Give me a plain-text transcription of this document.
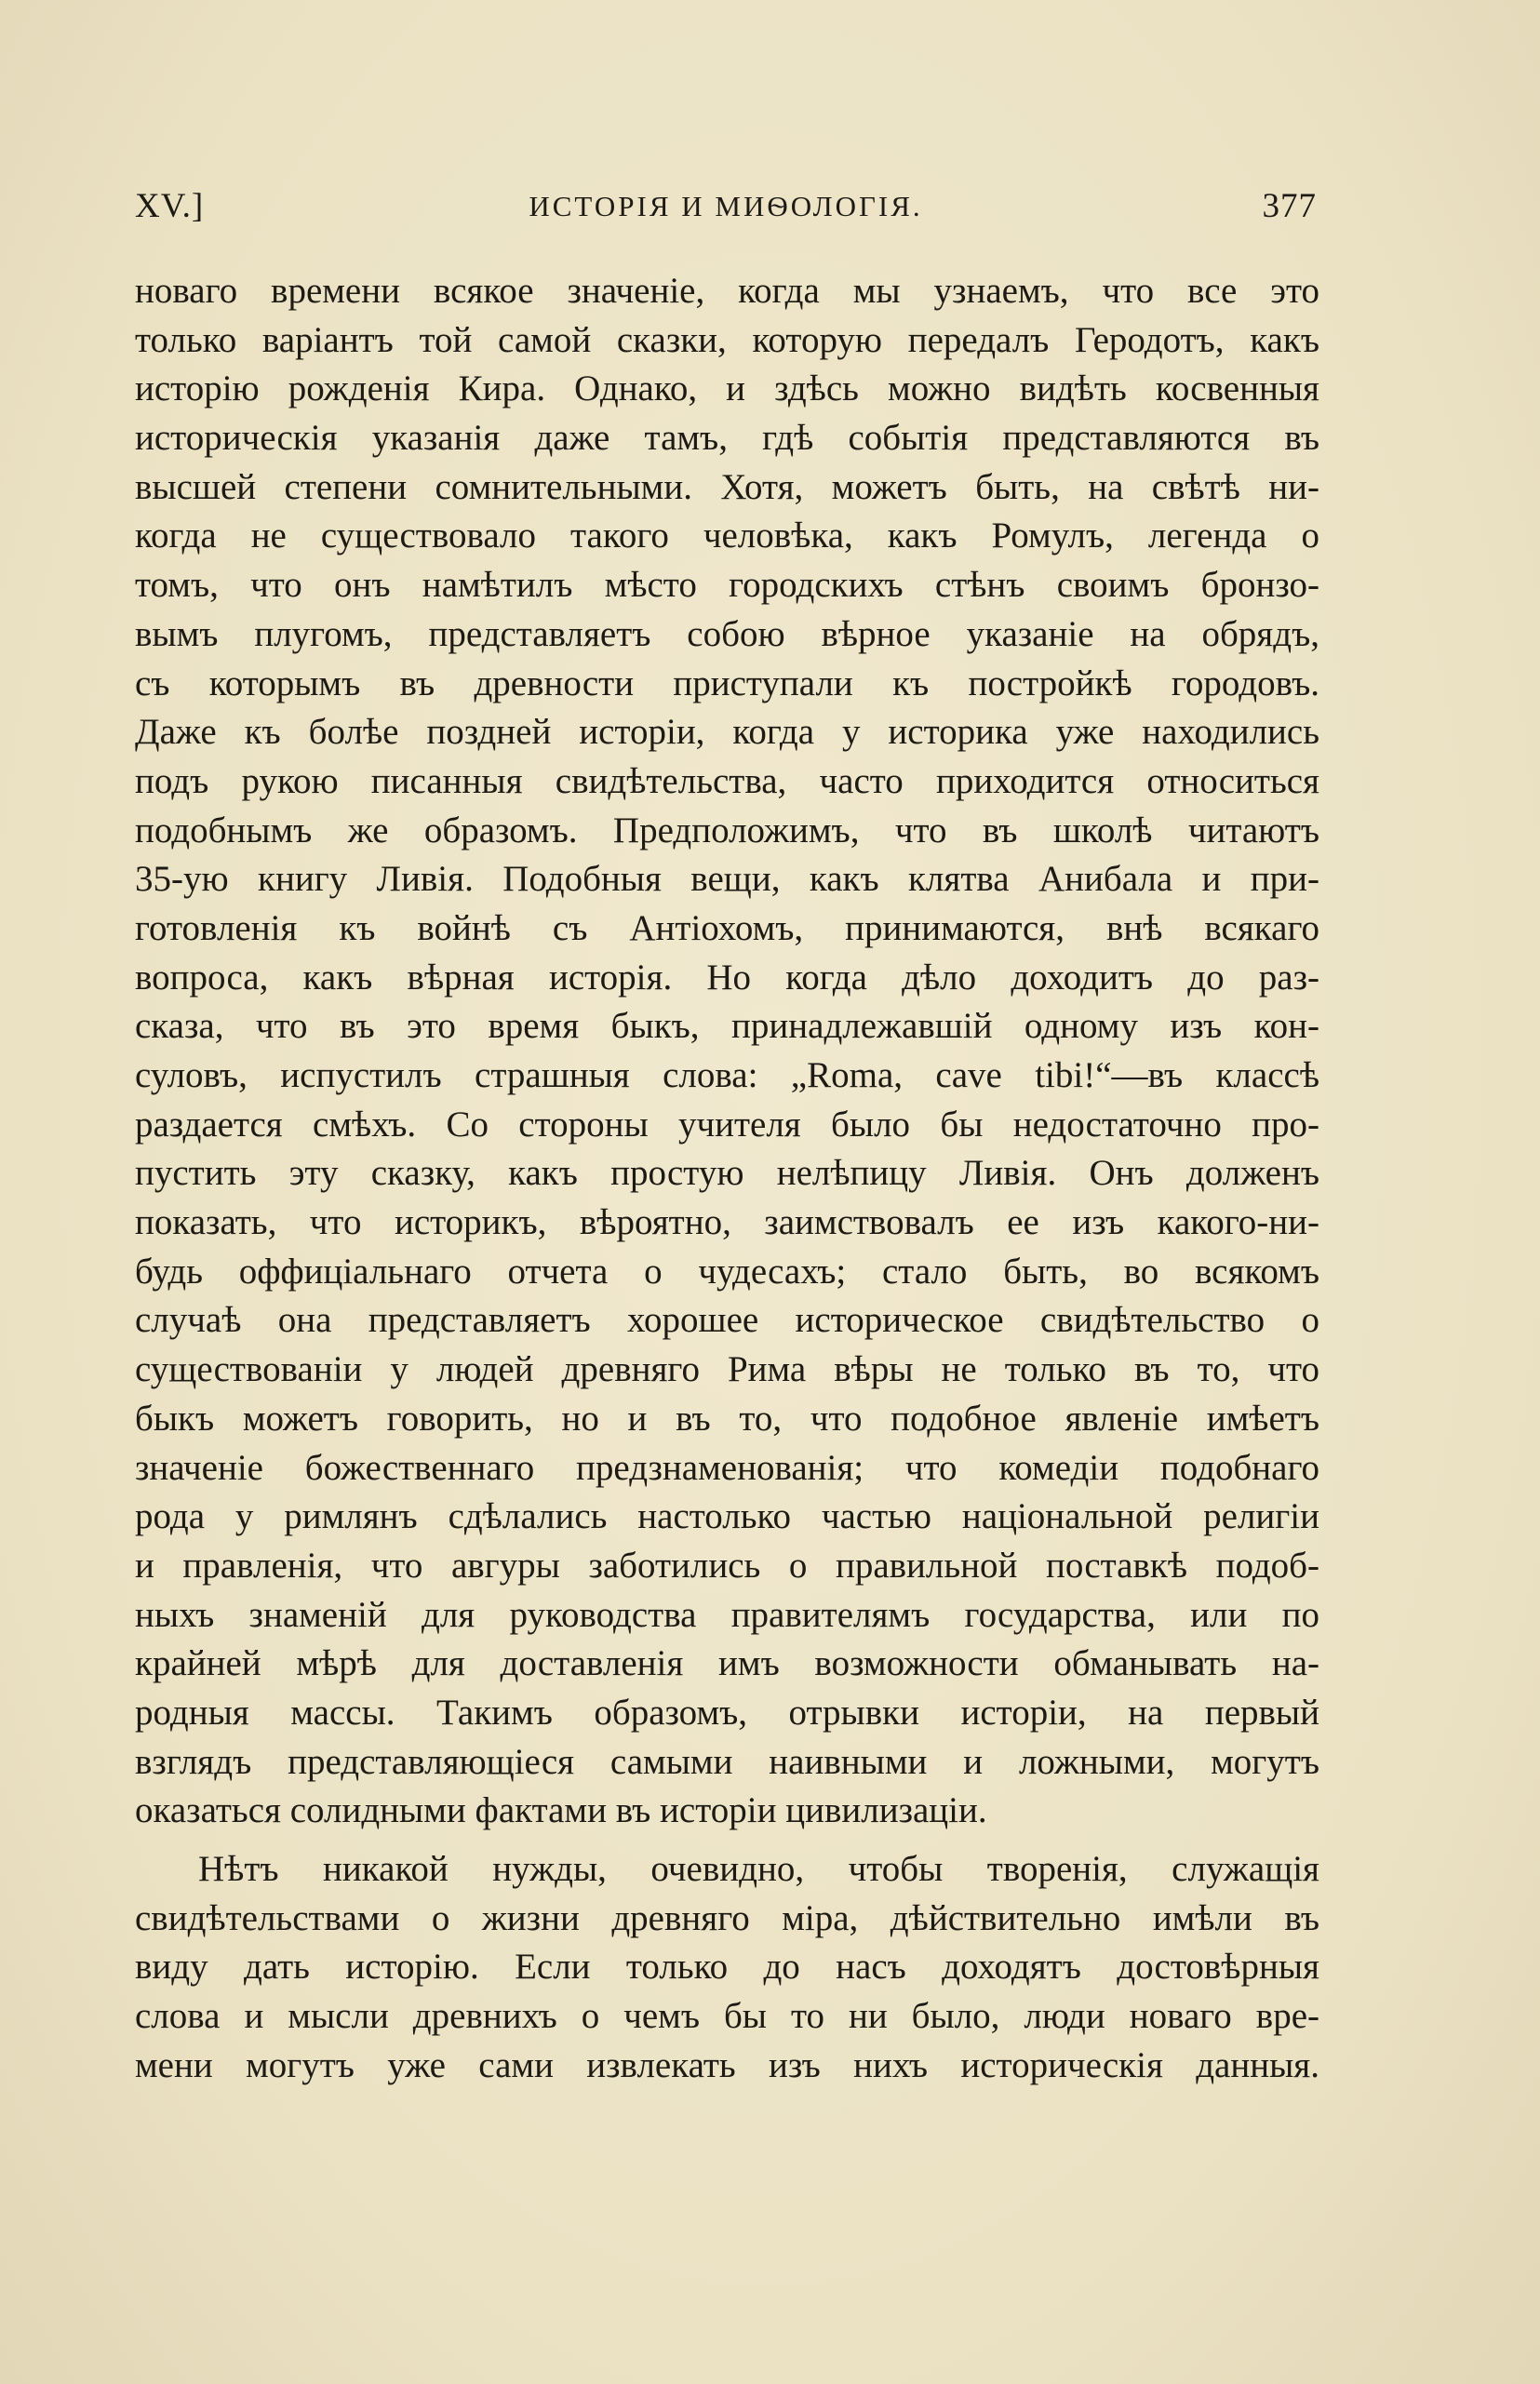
XV.]	ИСТОРІЯ И МИѲОЛОГІЯ.	377
новаго времени всякое значеніе, когда мы узнаемъ, что все это
только варіантъ той самой сказки, которую передалъ Геродотъ, какъ
исторію рожденія Кира. Однако, и здѣсь можно видѣть косвенныя
историческія указанія даже тамъ, гдѣ событія представляются въ
высшей степени сомнительными. Хотя, можетъ быть, на свѣтѣ ни-
когда не существовало такого человѣка, какъ Ромулъ, легенда о
томъ, что онъ намѣтилъ мѣсто городскихъ стѣнъ своимъ бронзо-
вымъ плугомъ, представляетъ собою вѣрное указаніе на обрядъ,
съ которымъ въ древности приступали къ постройкѣ городовъ.
Даже къ болѣе поздней исторіи, когда у историка уже находились
подъ рукою писанныя свидѣтельства, часто приходится относиться
подобнымъ же образомъ. Предположимъ, что въ школѣ читаютъ
35-ую книгу Ливія. Подобныя вещи, какъ клятва Анибала и при-
готовленія къ войнѣ съ Антіохомъ, принимаются, внѣ всякаго
вопроса, какъ вѣрная исторія. Но когда дѣло доходитъ до раз-
сказа, что въ это время быкъ, принадлежавшій одному изъ кон-
суловъ, испустилъ страшныя слова: „Roma, cave tibi!“—въ классѣ
раздается смѣхъ. Со стороны учителя было бы недостаточно про-
пустить эту сказку, какъ простую нелѣпицу Ливія. Онъ долженъ
показать, что историкъ, вѣроятно, заимствовалъ ее изъ какого-ни-
будь оффиціальнаго отчета о чудесахъ; стало быть, во всякомъ
случаѣ она представляетъ хорошее историческое свидѣтельство о
существованіи у людей древняго Рима вѣры не только въ то, что
быкъ можетъ говорить, но и въ то, что подобное явленіе имѣетъ
значеніе божественнаго предзнаменованія; что комедіи подобнаго
рода у римлянъ сдѣлались настолько частью національной религіи
и правленія, что авгуры заботились о правильной поставкѣ подоб-
ныхъ знаменій для руководства правителямъ государства, или по
крайней мѣрѣ для доставленія имъ возможности обманывать на-
родныя массы. Такимъ образомъ, отрывки исторіи, на первый
взглядъ представляющіеся самыми наивными и ложными, могутъ
оказаться солидными фактами въ исторіи цивилизаціи.
Нѣтъ никакой нужды, очевидно, чтобы творенія, служащія
свидѣтельствами о жизни древняго міра, дѣйствительно имѣли въ
виду дать исторію. Если только до насъ доходятъ достовѣрныя
слова и мысли древнихъ о чемъ бы то ни было, люди новаго вре-
мени могутъ уже сами извлекать изъ нихъ историческія данныя.
